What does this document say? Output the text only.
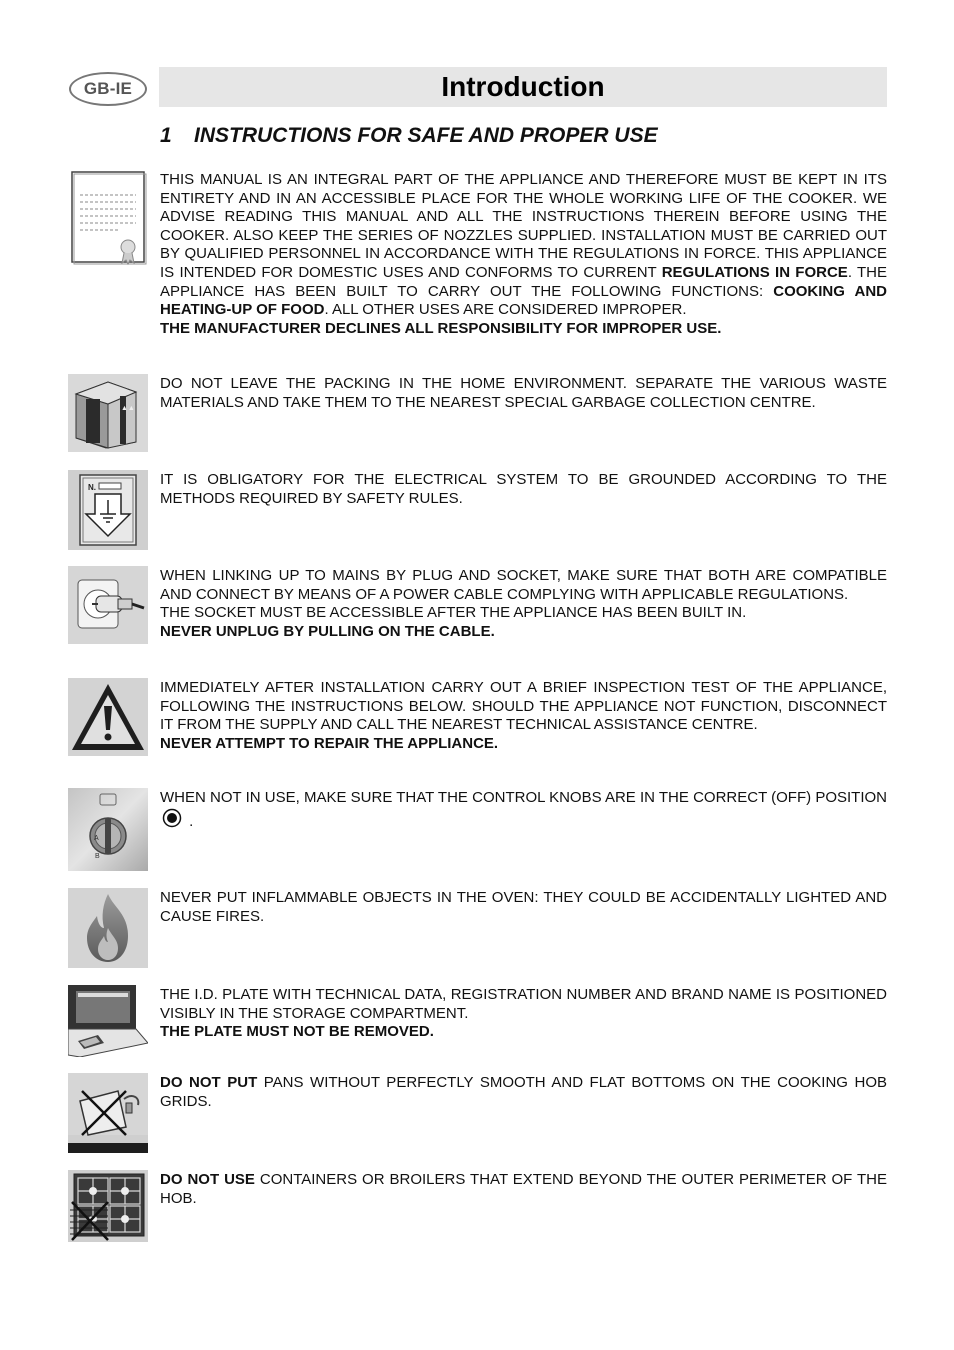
GB-IE	Introduction
1 INSTRUCTIONS FOR SAFE AND PROPER USE

THIS MANUAL IS AN INTEGRAL PART OF THE APPLIANCE AND THEREFORE MUST BE KEPT IN ITS ENTIRETY AND IN AN ACCESSIBLE PLACE FOR THE WHOLE WORKING LIFE OF THE COOKER. WE ADVISE READING THIS MANUAL AND ALL THE INSTRUCTIONS THEREIN BEFORE USING THE COOKER. ALSO KEEP THE SERIES OF NOZZLES SUPPLIED. INSTALLATION MUST BE CARRIED OUT BY QUALIFIED PERSONNEL IN ACCORDANCE WITH THE REGULATIONS IN FORCE. THIS APPLIANCE IS INTENDED FOR DOMESTIC USES AND CONFORMS TO CURRENT REGULATIONS IN FORCE. THE APPLIANCE HAS BEEN BUILT TO CARRY OUT THE FOLLOWING FUNCTIONS: COOKING AND HEATING-UP OF FOOD. ALL OTHER USES ARE CONSIDERED IMPROPER.

THE MANUFACTURER DECLINES ALL RESPONSIBILITY FOR IMPROPER USE.

▲▲

DO NOT LEAVE THE PACKING IN THE HOME ENVIRONMENT. SEPARATE THE VARIOUS WASTE MATERIALS AND TAKE THEM TO THE NEAREST SPECIAL GARBAGE COLLECTION CENTRE.

N.	IT IS OBLIGATORY FOR THE ELECTRICAL SYSTEM TO BE GROUNDED ACCORDING TO THE METHODS REQUIRED BY SAFETY RULES.

WHEN LINKING UP TO MAINS BY PLUG AND SOCKET, MAKE SURE THAT BOTH ARE COMPATIBLE AND CONNECT BY MEANS OF A POWER CABLE COMPLYING WITH APPLICABLE REGULATIONS.

THE SOCKET MUST BE ACCESSIBLE AFTER THE APPLIANCE HAS BEEN BUILT IN.

NEVER UNPLUG BY PULLING ON THE CABLE.

IMMEDIATELY AFTER INSTALLATION CARRY OUT A BRIEF INSPECTION TEST OF THE APPLIANCE, FOLLOWING THE INSTRUCTIONS BELOW. SHOULD THE APPLIANCE NOT FUNCTION, DISCONNECT IT FROM THE SUPPLY AND CALL THE NEAREST TECHNICAL ASSISTANCE CENTRE.

NEVER ATTEMPT TO REPAIR THE APPLIANCE.

A
B

WHEN NOT IN USE, MAKE SURE THAT THE CONTROL KNOBS ARE IN THE CORRECT (OFF) POSITION .

NEVER PUT INFLAMMABLE OBJECTS IN THE OVEN: THEY COULD BE ACCIDENTALLY LIGHTED AND CAUSE FIRES.

THE I.D. PLATE WITH TECHNICAL DATA, REGISTRATION NUMBER AND BRAND NAME IS POSITIONED VISIBLY IN THE STORAGE COMPARTMENT.

THE PLATE MUST NOT BE REMOVED.

DO NOT PUT PANS WITHOUT PERFECTLY SMOOTH AND FLAT BOTTOMS ON THE COOKING HOB GRIDS.

DO NOT USE CONTAINERS OR BROILERS THAT EXTEND BEYOND THE OUTER PERIMETER OF THE HOB.
